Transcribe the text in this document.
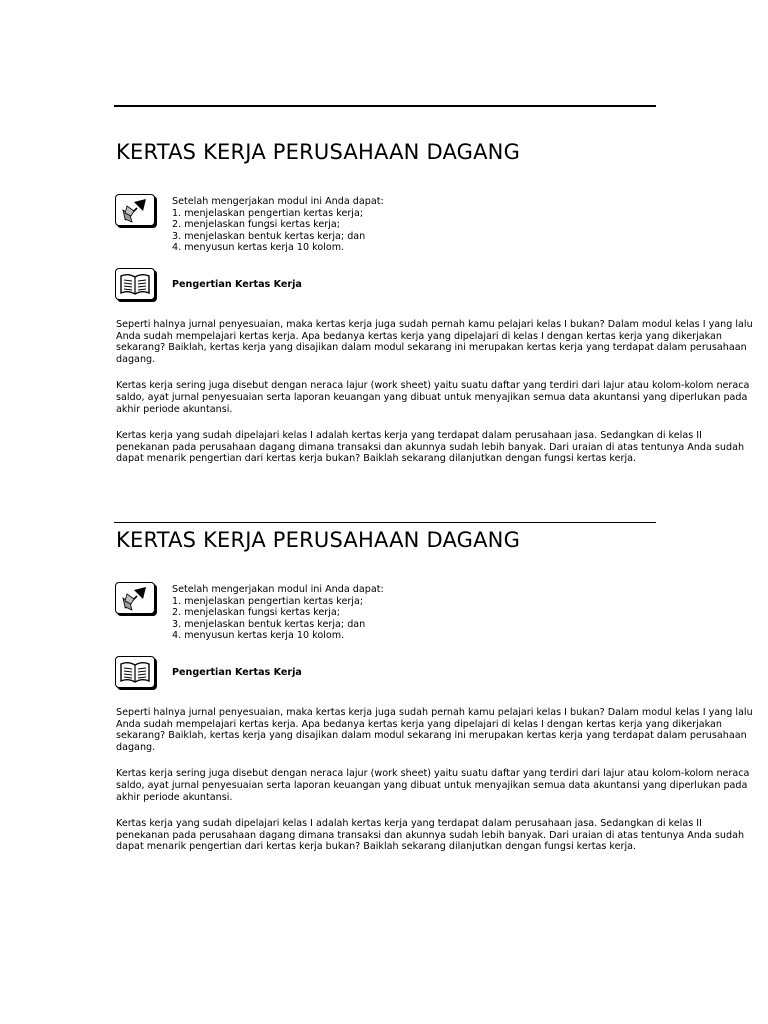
KERTAS KERJA PERUSAHAAN DAGANG
Setelah mengerjakan modul ini Anda dapat:
1. menjelaskan pengertian kertas kerja;
2. menjelaskan fungsi kertas kerja;
3. menjelaskan bentuk kertas kerja; dan
4. menyusun kertas kerja 10 kolom.
Pengertian Kertas Kerja

Seperti halnya jurnal penyesuaian, maka kertas kerja juga sudah pernah kamu pelajari kelas I bukan? Dalam modul kelas I yang lalu Anda sudah mempelajari kertas kerja. Apa bedanya kertas kerja yang dipelajari di kelas I dengan kertas kerja yang dikerjakan sekarang? Baiklah, kertas kerja yang disajikan dalam modul sekarang ini merupakan kertas kerja yang terdapat dalam perusahaan dagang.

Kertas kerja sering juga disebut dengan neraca lajur (work sheet) yaitu suatu daftar yang terdiri dari lajur atau kolom-kolom neraca saldo, ayat jurnal penyesuaian serta laporan keuangan yang dibuat untuk menyajikan semua data akuntansi yang diperlukan pada akhir periode akuntansi.

Kertas kerja yang sudah dipelajari kelas I adalah kertas kerja yang terdapat dalam perusahaan jasa. Sedangkan di kelas II penekanan pada perusahaan dagang dimana transaksi dan akunnya sudah lebih banyak. Dari uraian di atas tentunya Anda sudah dapat menarik pengertian dari kertas kerja bukan? Baiklah sekarang dilanjutkan dengan fungsi kertas kerja.

KERTAS KERJA PERUSAHAAN DAGANG
Setelah mengerjakan modul ini Anda dapat:
1. menjelaskan pengertian kertas kerja;
2. menjelaskan fungsi kertas kerja;
3. menjelaskan bentuk kertas kerja; dan
4. menyusun kertas kerja 10 kolom.
Pengertian Kertas Kerja

Seperti halnya jurnal penyesuaian, maka kertas kerja juga sudah pernah kamu pelajari kelas I bukan? Dalam modul kelas I yang lalu Anda sudah mempelajari kertas kerja. Apa bedanya kertas kerja yang dipelajari di kelas I dengan kertas kerja yang dikerjakan sekarang? Baiklah, kertas kerja yang disajikan dalam modul sekarang ini merupakan kertas kerja yang terdapat dalam perusahaan dagang.

Kertas kerja sering juga disebut dengan neraca lajur (work sheet) yaitu suatu daftar yang terdiri dari lajur atau kolom-kolom neraca saldo, ayat jurnal penyesuaian serta laporan keuangan yang dibuat untuk menyajikan semua data akuntansi yang diperlukan pada akhir periode akuntansi.

Kertas kerja yang sudah dipelajari kelas I adalah kertas kerja yang terdapat dalam perusahaan jasa. Sedangkan di kelas II penekanan pada perusahaan dagang dimana transaksi dan akunnya sudah lebih banyak. Dari uraian di atas tentunya Anda sudah dapat menarik pengertian dari kertas kerja bukan? Baiklah sekarang dilanjutkan dengan fungsi kertas kerja.
